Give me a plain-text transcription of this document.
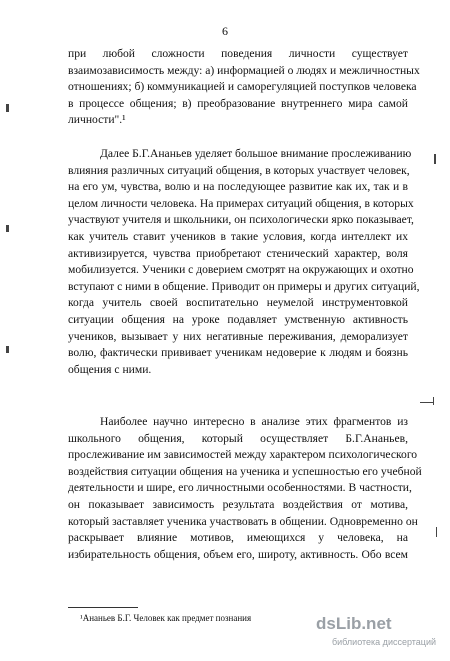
6
при любой сложности поведения личности существует
взаимозависимость между: а) информацией о людях и межличностных
отношениях; б) коммуникацией и саморегуляцией поступков человека
в процессе общения; в) преобразование внутреннего мира самой
личности".¹
Далее Б.Г.Ананьев уделяет большое внимание прослеживанию
влияния различных ситуаций общения, в которых участвует человек,
на его ум, чувства, волю и на последующее развитие как их, так и в
целом личности человека. На примерах ситуаций общения, в которых
участвуют учителя и школьники, он психологически ярко показывает,
как учитель ставит учеников в такие условия, когда интеллект их
активизируется, чувства приобретают стенический характер, воля
мобилизуется. Ученики с доверием смотрят на окружающих и охотно
вступают с ними в общение. Приводит он примеры и других ситуаций,
когда учитель своей воспитательно неумелой инструментовкой
ситуации общения на уроке подавляет умственную активность
учеников, вызывает у них негативные переживания, деморализует
волю, фактически прививает ученикам недоверие к людям и боязнь
общения с ними.
Наиболее научно интересно в анализе этих фрагментов из
школьного общения, который осуществляет Б.Г.Ананьев,
прослеживание им зависимостей между характером психологического
воздействия ситуации общения на ученика и успешностью его учебной
деятельности и шире, его личностными особенностями. В частности,
он показывает зависимость результата воздействия от мотива,
который заставляет ученика участвовать в общении. Одновременно он
раскрывает влияние мотивов, имеющихся у человека, на
избирательность общения, объем его, широту, активность. Обо всем
¹Ананьев Б.Г. Человек как предмет познания	dsLib.net
библиотека диссертаций
